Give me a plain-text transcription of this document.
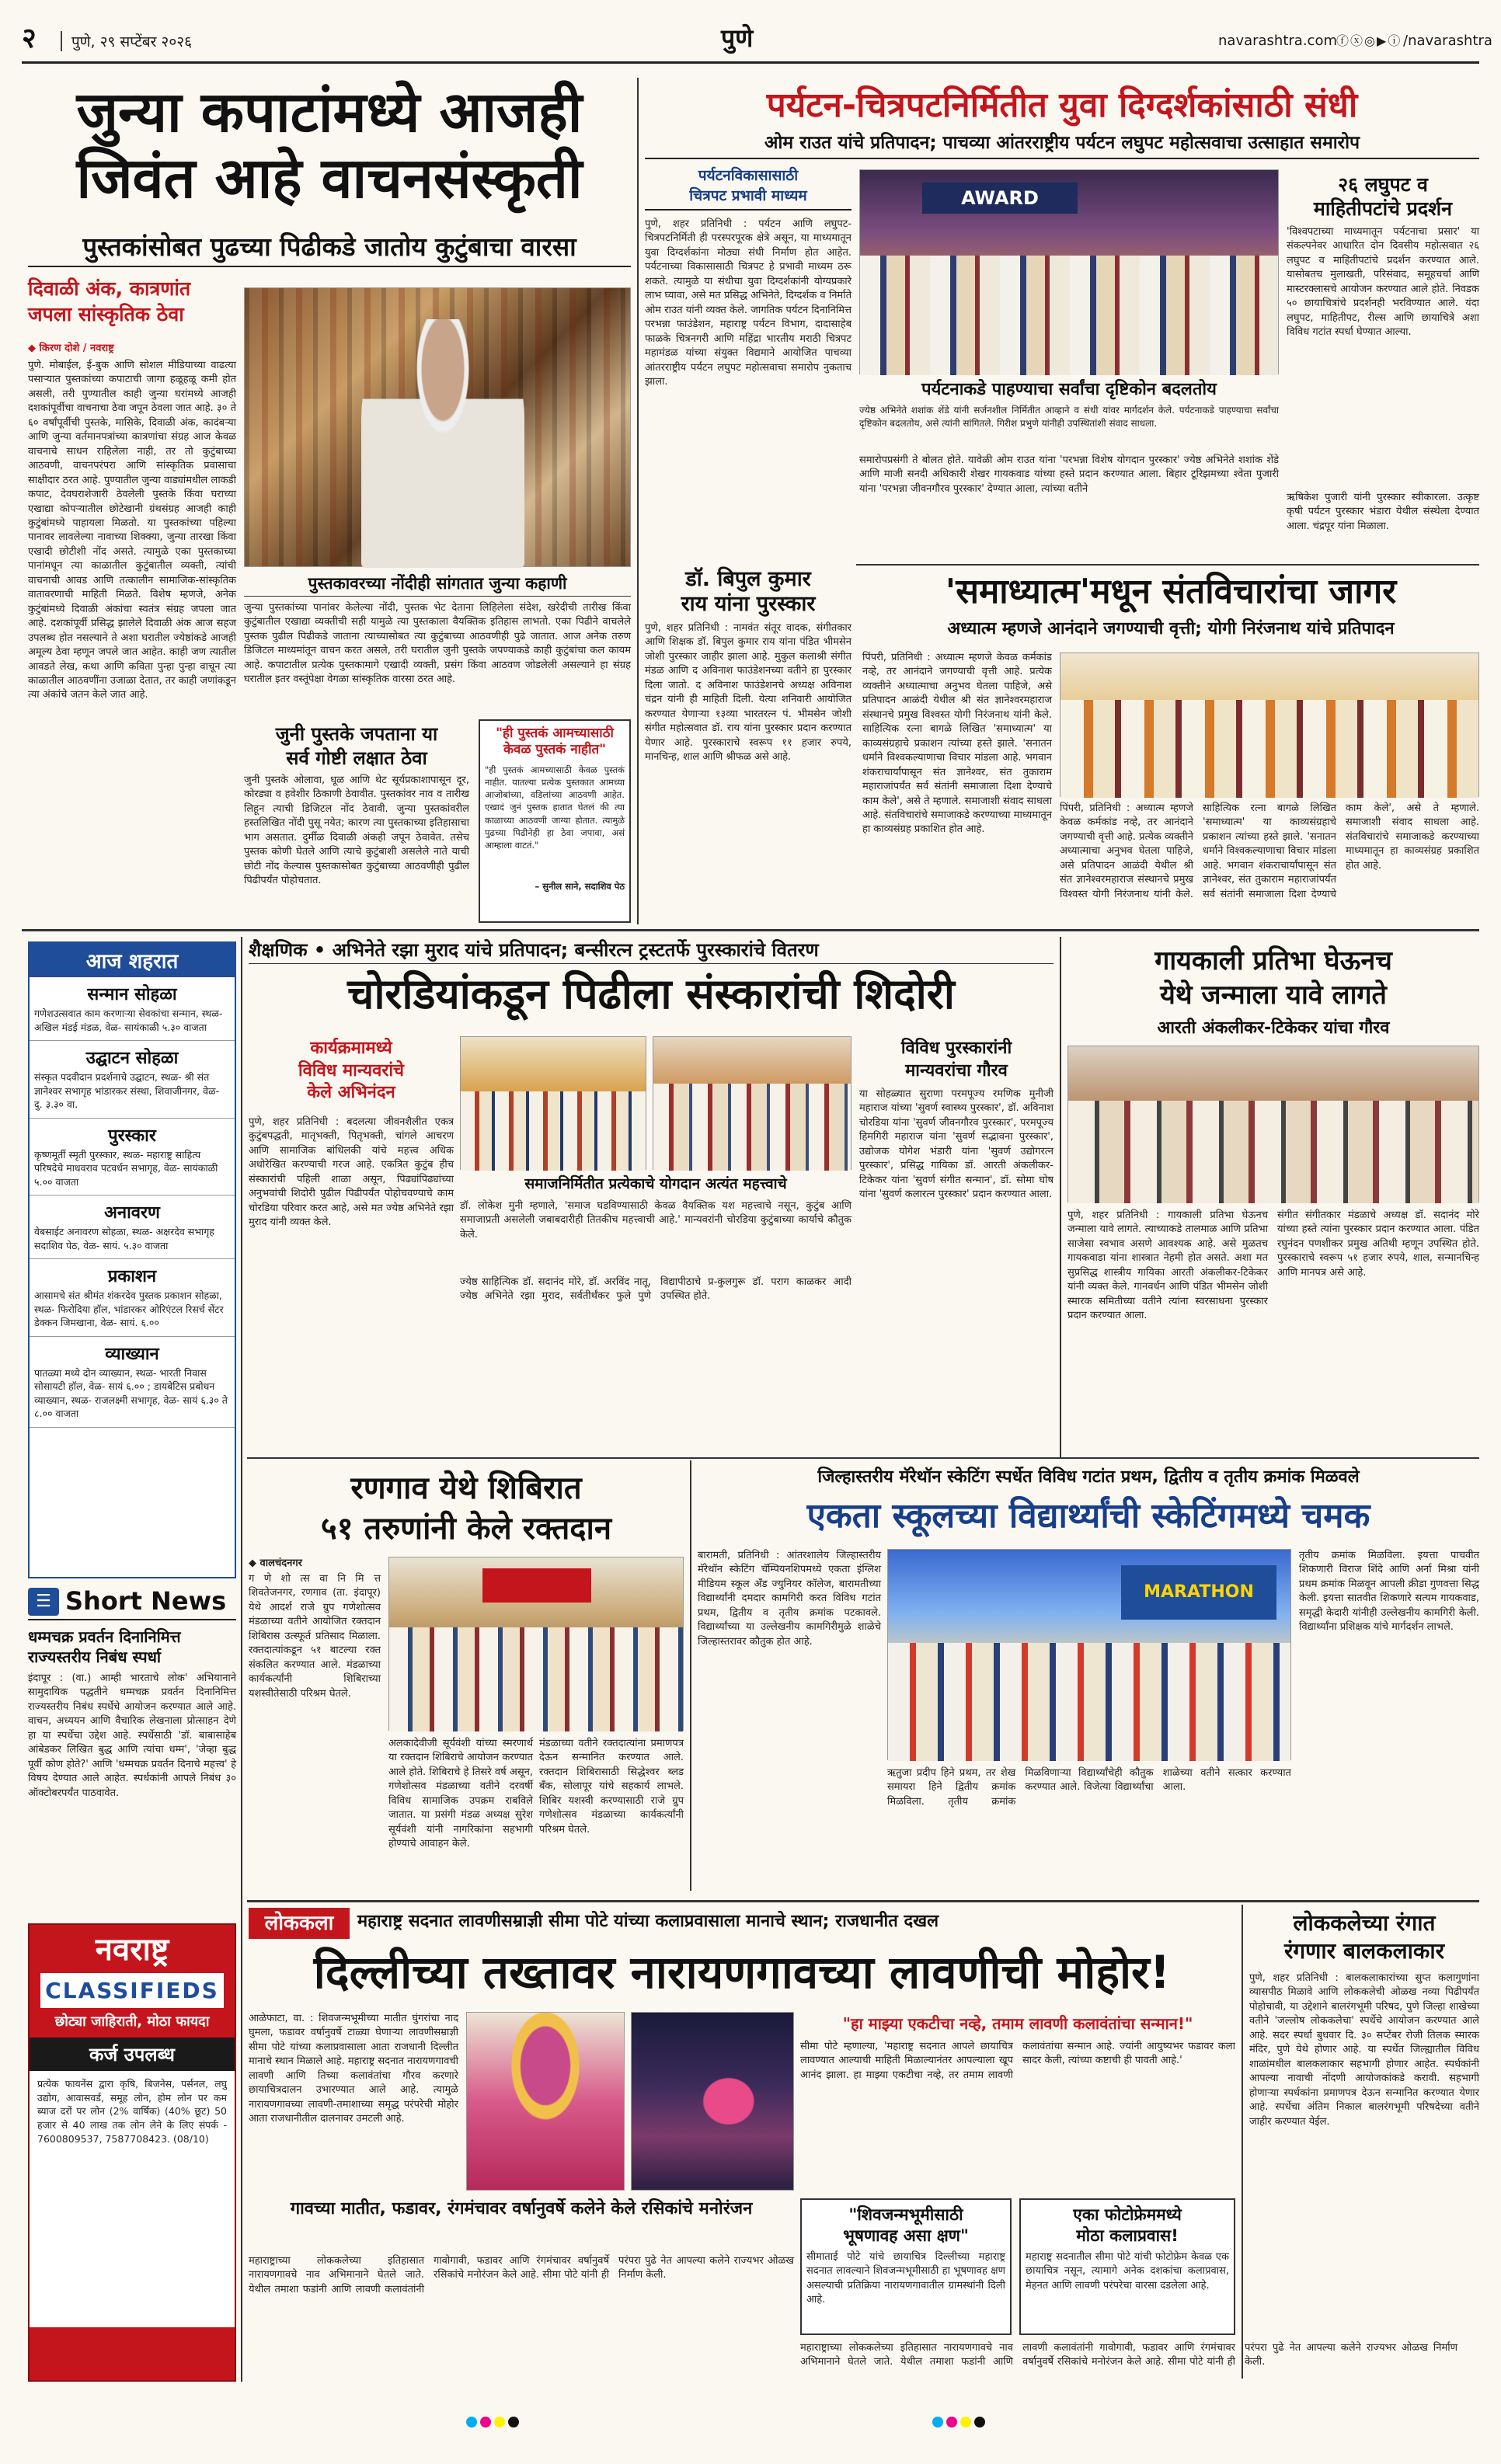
२	पुणे, २९ सप्टेंबर २०२६	पुणे	navarashtra.com ⓕⓧ◎▶ⓘ /navarashtra
जुन्या कपाटांमध्ये आजही
जिवंत आहे वाचनसंस्कृती
पुस्तकांसोबत पुढच्या पिढीकडे जातोय कुटुंबाचा वारसा
दिवाळी अंक, कात्रणांत
जपला सांस्कृतिक ठेवा
◆ किरण दोशे / नवराष्ट्र
पुणे. मोबाईल, ई-बुक आणि सोशल मीडियाच्या वाढत्या पसाऱ्यात पुस्तकांच्या कपाटाची जागा हळूहळू कमी होत असली, तरी पुण्यातील काही जुन्या घरांमध्ये आजही दशकांपूर्वीचा वाचनाचा ठेवा जपून ठेवला जात आहे. ३० ते ६० वर्षांपूर्वीची पुस्तके, मासिके, दिवाळी अंक, कादंबऱ्या आणि जुन्या वर्तमानपत्रांच्या कात्रणांचा संग्रह आज केवळ वाचनाचे साधन राहिलेला नाही, तर तो कुटुंबाच्या आठवणी, वाचनपरंपरा आणि सांस्कृतिक प्रवासाचा साक्षीदार ठरत आहे. पुण्यातील जुन्या वाड्यांमधील लाकडी कपाट, देवघराशेजारी ठेवलेली पुस्तके किंवा घराच्या एखाद्या कोपऱ्यातील छोटेखानी ग्रंथसंग्रह आजही काही कुटुंबांमध्ये पाहायला मिळतो. या पुस्तकांच्या पहिल्या पानावर लावलेल्या नावाच्या शिक्क्या, जुन्या तारखा किंवा एखादी छोटीशी नोंद असते. त्यामुळे एका पुस्तकाच्या पानांमधून त्या काळातील कुटुंबातील व्यक्ती, त्यांची वाचनाची आवड आणि तत्कालीन सामाजिक-सांस्कृतिक वातावरणाची माहिती मिळते. विशेष म्हणजे, अनेक कुटुंबांमध्ये दिवाळी अंकांचा स्वतंत्र संग्रह जपला जात आहे. दशकांपूर्वी प्रसिद्ध झालेले दिवाळी अंक आज सहज उपलब्ध होत नसल्याने ते अशा घरातील ज्येष्ठांकडे आजही अमूल्य ठेवा म्हणून जपले जात आहेत. काही जण त्यातील आवडते लेख, कथा आणि कविता पुन्हा पुन्हा वाचून त्या काळातील आठवणींना उजाळा देतात, तर काही जणांकडून त्या अंकांचे जतन केले जात आहे.
पुस्तकावरच्या नोंदीही सांगतात जुन्या कहाणी
जुन्या पुस्तकांच्या पानांवर केलेल्या नोंदी, पुस्तक भेट देताना लिहिलेला संदेश, खरेदीची तारीख किंवा कुटुंबातील एखाद्या व्यक्तीची सही यामुळे त्या पुस्तकाला वैयक्तिक इतिहास लाभतो. एका पिढीने वाचलेले पुस्तक पुढील पिढीकडे जाताना त्याच्यासोबत त्या कुटुंबाच्या आठवणीही पुढे जातात. आज अनेक तरुण डिजिटल माध्यमांतून वाचन करत असले, तरी घरातील जुनी पुस्तके जपण्याकडे काही कुटुंबांचा कल कायम आहे. कपाटातील प्रत्येक पुस्तकामागे एखादी व्यक्ती, प्रसंग किंवा आठवण जोडलेली असल्याने हा संग्रह घरातील इतर वस्तूंपेक्षा वेगळा सांस्कृतिक वारसा ठरत आहे.
जुनी पुस्तके जपताना या
सर्व गोष्टी लक्षात ठेवा
जुनी पुस्तके ओलावा, धूळ आणि थेट सूर्यप्रकाशापासून दूर, कोरड्या व हवेशीर ठिकाणी ठेवावीत. पुस्तकांवर नाव व तारीख लिहून त्याची डिजिटल नोंद ठेवावी. जुन्या पुस्तकांवरील हस्तलिखित नोंदी पुसू नयेत; कारण त्या पुस्तकाच्या इतिहासाचा भाग असतात. दुर्मीळ दिवाळी अंकही जपून ठेवावेत. तसेच पुस्तक कोणी घेतले आणि त्याचे कुटुंबाशी असलेले नाते याची छोटी नोंद केल्यास पुस्तकासोबत कुटुंबाच्या आठवणीही पुढील पिढीपर्यंत पोहोचतात.
"ही पुस्तकं आमच्यासाठी केवळ पुस्तकं नाहीत"
"ही पुस्तकं आमच्यासाठी केवळ पुस्तकं नाहीत. यातल्या प्रत्येक पुस्तकात आमच्या आजोबांच्या, वडिलांच्या आठवणी आहेत. एखादं जुनं पुस्तक हातात घेतलं की त्या काळाच्या आठवणी जाग्या होतात. त्यामुळे पुढच्या पिढीनेही हा ठेवा जपावा, असं आम्हाला वाटतं."
– सुनील साने, सदाशिव पेठ
पर्यटन-चित्रपटनिर्मितीत युवा दिग्दर्शकांसाठी संधी
ओम राउत यांचे प्रतिपादन; पाचव्या आंतरराष्ट्रीय पर्यटन लघुपट महोत्सवाचा उत्साहात समारोप
पर्यटनविकासासाठी
चित्रपट प्रभावी माध्यम
पुणे, शहर प्रतिनिधी : पर्यटन आणि लघुपट-चित्रपटनिर्मिती ही परस्परपूरक क्षेत्रे असून, या माध्यमातून युवा दिग्दर्शकांना मोठ्या संधी निर्माण होत आहेत. पर्यटनाच्या विकासासाठी चित्रपट हे प्रभावी माध्यम ठरू शकते. त्यामुळे या संधीचा युवा दिग्दर्शकांनी योग्यप्रकारे लाभ घ्यावा, असे मत प्रसिद्ध अभिनेते, दिग्दर्शक व निर्माते ओम राउत यांनी व्यक्त केले. जागतिक पर्यटन दिनानिमित्त परभन्ना फाउंडेशन, महाराष्ट्र पर्यटन विभाग, दादासाहेब फाळके चित्रनगरी आणि महिंद्रा भारतीय मराठी चित्रपट महामंडळ यांच्या संयुक्त विद्यमाने आयोजित पाचव्या आंतरराष्ट्रीय पर्यटन लघुपट महोत्सवाचा समारोप नुकताच झाला.
AWARD
पर्यटनाकडे पाहण्याचा सर्वांचा दृष्टिकोन बदलतोय
ज्येष्ठ अभिनेते शशांक शेंडे यांनी सर्जनशील निर्मितीत आव्हाने व संधी यांवर मार्गदर्शन केले. पर्यटनाकडे पाहण्याचा सर्वांचा दृष्टिकोन बदलतोय, असे त्यांनी सांगितले. गिरीश प्रभुणे यांनीही उपस्थितांशी संवाद साधला.
समारोपप्रसंगी ते बोलत होते. यावेळी ओम राउत यांना 'परभन्ना विशेष योगदान पुरस्कार' ज्येष्ठ अभिनेते शशांक शेंडे आणि माजी सनदी अधिकारी शेखर गायकवाड यांच्या हस्ते प्रदान करण्यात आला. बिहार टूरिझमच्या श्वेता पुजारी यांना 'परभन्ना जीवनगौरव पुरस्कार' देण्यात आला, त्यांच्या वतीने
२६ लघुपट व
माहितीपटांचे प्रदर्शन
'विश्वपटाच्या माध्यमातून पर्यटनाचा प्रसार' या संकल्पनेवर आधारित दोन दिवसीय महोत्सवात २६ लघुपट व माहितीपटांचे प्रदर्शन करण्यात आले. यासोबतच मुलाखती, परिसंवाद, समूहचर्चा आणि मास्टरक्लासचे आयोजन करण्यात आले होते. निवडक ५० छायाचित्रांचे प्रदर्शनही भरविण्यात आले. यंदा लघुपट, माहितीपट, रील्स आणि छायाचित्रे अशा विविध गटांत स्पर्धा घेण्यात आल्या.
ऋषिकेश पुजारी यांनी पुरस्कार स्वीकारला. उत्कृष्ट कृषी पर्यटन पुरस्कार भंडारा येथील संस्थेला देण्यात आला. चंद्रपूर यांना मिळाला.
डॉ. बिपुल कुमार
राय यांना पुरस्कार
पुणे, शहर प्रतिनिधी : नामवंत संतूर वादक, संगीतकार आणि शिक्षक डॉ. बिपुल कुमार राय यांना पंडित भीमसेन जोशी पुरस्कार जाहीर झाला आहे. मुकुल कलाश्री संगीत मंडळ आणि द अविनाश फाउंडेशनच्या वतीने हा पुरस्कार दिला जातो. द अविनाश फाउंडेशनचे अध्यक्ष अविनाश चंद्रन यांनी ही माहिती दिली. येत्या शनिवारी आयोजित करण्यात येणाऱ्या १३व्या भारतरत्न पं. भीमसेन जोशी संगीत महोत्सवात डॉ. राय यांना पुरस्कार प्रदान करण्यात येणार आहे. पुरस्काराचे स्वरूप ११ हजार रुपये, मानचिन्ह, शाल आणि श्रीफळ असे आहे.
'समाध्यात्म'मधून संतविचारांचा जागर
अध्यात्म म्हणजे आनंदाने जगण्याची वृत्ती; योगी निरंजनाथ यांचे प्रतिपादन
पिंपरी, प्रतिनिधी : अध्यात्म म्हणजे केवळ कर्मकांड नव्हे, तर आनंदाने जगण्याची वृत्ती आहे. प्रत्येक व्यक्तीने अध्यात्माचा अनुभव घेतला पाहिजे, असे प्रतिपादन आळंदी येथील श्री संत ज्ञानेश्वरमहाराज संस्थानचे प्रमुख विश्वस्त योगी निरंजनाथ यांनी केले. साहित्यिक रत्ना बागळे लिखित 'समाध्यात्म' या काव्यसंग्रहाचे प्रकाशन त्यांच्या हस्ते झाले. 'सनातन धर्माने विश्वकल्याणाचा विचार मांडला आहे. भगवान शंकराचार्यांपासून संत ज्ञानेश्वर, संत तुकाराम महाराजांपर्यंत सर्व संतांनी समाजाला दिशा देण्याचे काम केले', असे ते म्हणाले. समाजाशी संवाद साधला आहे. संतविचारांचे समाजाकडे करण्याच्या माध्यमातून हा काव्यसंग्रह प्रकाशित होत आहे.
पिंपरी, प्रतिनिधी : अध्यात्म म्हणजे केवळ कर्मकांड नव्हे, तर आनंदाने जगण्याची वृत्ती आहे. प्रत्येक व्यक्तीने अध्यात्माचा अनुभव घेतला पाहिजे, असे प्रतिपादन आळंदी येथील श्री संत ज्ञानेश्वरमहाराज संस्थानचे प्रमुख विश्वस्त योगी निरंजनाथ यांनी केले. साहित्यिक रत्ना बागळे लिखित 'समाध्यात्म' या काव्यसंग्रहाचे प्रकाशन त्यांच्या हस्ते झाले. 'सनातन धर्माने विश्वकल्याणाचा विचार मांडला आहे. भगवान शंकराचार्यांपासून संत ज्ञानेश्वर, संत तुकाराम महाराजांपर्यंत सर्व संतांनी समाजाला दिशा देण्याचे काम केले', असे ते म्हणाले. समाजाशी संवाद साधला आहे. संतविचारांचे समाजाकडे करण्याच्या माध्यमातून हा काव्यसंग्रह प्रकाशित होत आहे.
आज शहरात
सन्मान सोहळा
गणेशउत्सवात काम करणाऱ्या सेवकांचा सन्मान, स्थळ- अखिल मंडई मंडळ, वेळ- सायंकाळी ५.३० वाजता
उद्घाटन सोहळा
संस्कृत पदवीदान प्रदर्शनाचे उद्घाटन, स्थळ- श्री संत ज्ञानेश्वर सभागृह भांडारकर संस्था, शिवाजीनगर, वेळ- दु. ३.३० वा.
पुरस्कार
कृष्णमूर्ती स्मृती पुरस्कार, स्थळ- महाराष्ट्र साहित्य परिषदेचे माधवराव पटवर्धन सभागृह, वेळ- सायंकाळी ५.०० वाजता
अनावरण
वेबसाईट अनावरण सोहळा, स्थळ- अक्षरदेव सभागृह सदाशिव पेठ, वेळ- सायं. ५.३० वाजता
प्रकाशन
आसामचे संत श्रीमंत शंकरदेव पुस्तक प्रकाशन सोहळा, स्थळ- फिरोदिया हॉल, भांडारकर ओरिएंटल रिसर्च सेंटर डेक्कन जिमखाना, वेळ- सायं. ६.००
व्याख्यान
पातळ्या मध्ये दोन व्याख्यान, स्थळ- भारती निवास सोसायटी हॉल, वेळ- सायं ६.०० ; डायबेटिस प्रबोधन व्याख्यान, स्थळ- राजलक्ष्मी सभागृह, वेळ- सायं ६.३० ते ८.०० वाजता
☰ Short News
धम्मचक्र प्रवर्तन दिनानिमित्त
राज्यस्तरीय निबंध स्पर्धा
इंदापूर : (वा.) आम्ही भारताचे लोक' अभियानाने सामुदायिक पद्धतीने धम्मचक्र प्रवर्तन दिनानिमित्त राज्यस्तरीय निबंध स्पर्धेचे आयोजन करण्यात आले आहे. वाचन, अध्ययन आणि वैचारिक लेखनाला प्रोत्साहन देणे हा या स्पर्धेचा उद्देश आहे. स्पर्धेसाठी 'डॉ. बाबासाहेब आंबेडकर लिखित बुद्ध आणि त्यांचा धम्म', 'जेव्हा बुद्ध पूर्वी कोण होते?' आणि 'धम्मचक्र प्रवर्तन दिनाचे महत्त्व' हे विषय देण्यात आले आहेत. स्पर्धकांनी आपले निबंध ३० ऑक्टोबरपर्यंत पाठवावेत.
नवराष्ट्र
CLASSIFIEDS
छोट्या जाहिराती, मोठा फायदा
कर्ज उपलब्ध
प्रत्येक फायनेंस द्वारा कृषि, बिजनेस, पर्सनल, लघु उद्योग, आवासवर्ड, समूह लोन, होम लोन पर कम ब्याज दरों पर लोन (2% वार्षिक) (40% छूट) 50 हजार से 40 लाख तक लोन लेने के लिए संपर्क - 7600809537, 7587708423. (08/10)
शैक्षणिक • अभिनेते रझा मुराद यांचे प्रतिपादन; बन्सीरत्न ट्रस्टतर्फे पुरस्कारांचे वितरण
चोरडियांकडून पिढीला संस्कारांची शिदोरी
कार्यक्रमामध्ये
विविध मान्यवरांचे
केले अभिनंदन
पुणे, शहर प्रतिनिधी : बदलत्या जीवनशैलीत एकत्र कुटुंबपद्धती, मातृभक्ती, पितृभक्ती, चांगले आचरण आणि सामाजिक बांधिलकी यांचे महत्त्व अधिक अधोरेखित करण्याची गरज आहे. एकत्रित कुटुंब हीच संस्कारांची पहिली शाळा असून, पिढ्यांपिढ्यांच्या अनुभवांची शिदोरी पुढील पिढीपर्यंत पोहोचवण्याचे काम चोरडिया परिवार करत आहे, असे मत ज्येष्ठ अभिनेते रझा मुराद यांनी व्यक्त केले.
समाजनिर्मितीत प्रत्येकाचे योगदान अत्यंत महत्त्वाचे
डॉ. लोकेश मुनी म्हणाले, 'समाज घडविण्यासाठी केवळ वैयक्तिक यश महत्त्वाचे नसून, कुटुंब आणि समाजाप्रती असलेली जबाबदारीही तितकीच महत्त्वाची आहे.' मान्यवरांनी चोरडिया कुटुंबाच्या कार्याचे कौतुक केले.
ज्येष्ठ साहित्यिक डॉ. सदानंद मोरे, डॉ. अरविंद नातू, ज्येष्ठ अभिनेते रझा मुराद, सर्वतीर्थंकर फुले पुणे विद्यापीठाचे प्र-कुलगुरू डॉ. पराग काळकर आदी उपस्थित होते.
विविध पुरस्कारांनी
मान्यवरांचा गौरव
या सोहळ्यात सुराणा परमपूज्य रमणिक मुनीजी महाराज यांच्या 'सुवर्ण स्वास्थ्य पुरस्कार', डॉ. अविनाश चोरडिया यांना 'सुवर्ण जीवनगौरव पुरस्कार', परमपूज्य हिमगिरी महाराज यांना 'सुवर्ण सद्भावना पुरस्कार', उद्योजक योगेश भंडारी यांना 'सुवर्ण उद्योगरत्न पुरस्कार', प्रसिद्ध गायिका डॉ. आरती अंकलीकर-टिकेकर यांना 'सुवर्ण संगीत सन्मान', डॉ. सोमा घोष यांना 'सुवर्ण कलारत्न पुरस्कार' प्रदान करण्यात आला.
गायकाली प्रतिभा घेऊनच
येथे जन्माला यावे लागते
आरती अंकलीकर-टिकेकर यांचा गौरव
पुणे, शहर प्रतिनिधी : गायकाली प्रतिभा घेऊनच जन्माला यावे लागते. त्याच्याकडे तालमाळ आणि प्रतिभा साजेसा स्वभाव असणे आवश्यक आहे. असे मुळतच गायकवाडा यांना शास्त्रात नेहमी होत असते. अशा मत सुप्रसिद्ध शास्त्रीय गायिका आरती अंकलीकर-टिकेकर यांनी व्यक्त केले. गानवर्धन आणि पंडित भीमसेन जोशी स्मारक समितीच्या वतीने त्यांना स्वरसाधना पुरस्कार प्रदान करण्यात आला.
संगीत संगीतकार मंडळाचे अध्यक्ष डॉ. सदानंद मोरे यांच्या हस्ते त्यांना पुरस्कार प्रदान करण्यात आला. पंडित रघुनंदन पणशीकर प्रमुख अतिथी म्हणून उपस्थित होते. पुरस्काराचे स्वरूप ५१ हजार रुपये, शाल, सन्मानचिन्ह आणि मानपत्र असे आहे.
रणगाव येथे शिबिरात
५१ तरुणांनी केले रक्तदान
◆ वालचंदनगर
ग णे शो त्स वा नि मि त्त शिवतेजनगर, रणगाव (ता. इंदापूर) येथे आदर्श राजे ग्रुप गणेशोत्सव मंडळाच्या वतीने आयोजित रक्तदान शिबिरास उत्स्फूर्त प्रतिसाद मिळाला. रक्तदात्यांकडून ५१ बाटल्या रक्त संकलित करण्यात आले. मंडळाच्या कार्यकर्त्यांनी शिबिराच्या यशस्वीतेसाठी परिश्रम घेतले.
अलकादेवीजी सूर्यवंशी यांच्या स्मरणार्थ या रक्तदान शिबिराचे आयोजन करण्यात आले होते. शिबिराचे हे तिसरे वर्ष असून, गणेशोत्सव मंडळाच्या वतीने दरवर्षी विविध सामाजिक उपक्रम राबविले जातात. या प्रसंगी मंडळ अध्यक्ष सुरेश सूर्यवंशी यांनी नागरिकांना सहभागी होण्याचे आवाहन केले.
मंडळाच्या वतीने रक्तदात्यांना प्रमाणपत्र देऊन सन्मानित करण्यात आले. रक्तदान शिबिरासाठी सिद्धेश्वर ब्लड बँक, सोलापूर यांचे सहकार्य लाभले. शिबिर यशस्वी करण्यासाठी राजे ग्रुप गणेशोत्सव मंडळाच्या कार्यकर्त्यांनी परिश्रम घेतले.
जिल्हास्तरीय मॅरेथॉन स्केटिंग स्पर्धेत विविध गटांत प्रथम, द्वितीय व तृतीय क्रमांक मिळवले
एकता स्कूलच्या विद्यार्थ्यांची स्केटिंगमध्ये चमक
बारामती, प्रतिनिधी : आंतरशालेय जिल्हास्तरीय मॅरेथॉन स्केटिंग चॅम्पियनशिपमध्ये एकता इंग्लिश मीडियम स्कूल अँड ज्युनियर कॉलेज, बारामतीच्या विद्यार्थ्यांनी दमदार कामगिरी करत विविध गटांत प्रथम, द्वितीय व तृतीय क्रमांक पटकावले. विद्यार्थ्यांच्या या उल्लेखनीय कामगिरीमुळे शाळेचे जिल्हास्तरावर कौतुक होत आहे.
MARATHON
ऋतुजा प्रदीप हिने प्रथम, तर शेख समायरा हिने द्वितीय क्रमांक मिळविला. तृतीय क्रमांक मिळविणाऱ्या विद्यार्थ्यांचेही कौतुक करण्यात आले. विजेत्या विद्यार्थ्यांचा शाळेच्या वतीने सत्कार करण्यात आला.
तृतीय क्रमांक मिळविला. इयत्ता पाचवीत शिकणारी विराज शिंदे आणि अर्ना मिश्रा यांनी प्रथम क्रमांक मिळवून आपली क्रीडा गुणवत्ता सिद्ध केली. इयत्ता सातवीत शिकणारे सत्यम गायकवाड, समृद्धी केदारी यांनीही उल्लेखनीय कामगिरी केली. विद्यार्थ्यांना प्रशिक्षक यांचे मार्गदर्शन लाभले.
लोककला	महाराष्ट्र सदनात लावणीसम्राज्ञी सीमा पोटे यांच्या कलाप्रवासाला मानाचे स्थान; राजधानीत दखल
दिल्लीच्या तख्तावर नारायणगावच्या लावणीची मोहोर!
आळेफाटा, वा. : शिवजन्मभूमीच्या मातीत घुंगरांचा नाद घुमला, फडावर वर्षानुवर्षे टाळ्या घेणाऱ्या लावणीसम्राज्ञी सीमा पोटे यांच्या कलाप्रवासाला आता राजधानी दिल्लीत मानाचे स्थान मिळाले आहे. महाराष्ट्र सदनात नारायणगावची लावणी आणि तिच्या कलावंतांचा गौरव करणारे छायाचित्रदालन उभारण्यात आले आहे. त्यामुळे नारायणगावच्या लावणी-तमाशाच्या समृद्ध परंपरेची मोहोर आता राजधानीतील दालनावर उमटली आहे.
"हा माझ्या एकटीचा नव्हे, तमाम लावणी कलावंतांचा सन्मान!"
सीमा पोटे म्हणाल्या, 'महाराष्ट्र सदनात आपले छायाचित्र लावण्यात आल्याची माहिती मिळाल्यानंतर आपल्याला खूप आनंद झाला. हा माझ्या एकटीचा नव्हे, तर तमाम लावणी कलावंतांचा सन्मान आहे. ज्यांनी आयुष्यभर फडावर कला सादर केली, त्यांच्या कष्टाची ही पावती आहे.'
"शिवजन्मभूमीसाठी
भूषणावह असा क्षण"
सीमाताई पोटे यांचे छायाचित्र दिल्लीच्या महाराष्ट्र सदनात लावल्याने शिवजन्मभूमीसाठी हा भूषणावह क्षण असल्याची प्रतिक्रिया नारायणगावातील ग्रामस्थांनी दिली आहे.
एका फोटोफ्रेममध्ये
मोठा कलाप्रवास!
महाराष्ट्र सदनातील सीमा पोटे यांची फोटोफ्रेम केवळ एक छायाचित्र नसून, त्यामागे अनेक दशकांचा कलाप्रवास, मेहनत आणि लावणी परंपरेचा वारसा दडलेला आहे.
गावच्या मातीत, फडावर, रंगमंचावर वर्षानुवर्षे कलेने केले रसिकांचे मनोरंजन
महाराष्ट्राच्या लोककलेच्या इतिहासात नारायणगावचे नाव अभिमानाने घेतले जाते. येथील तमाशा फडांनी आणि लावणी कलावंतांनी गावोगावी, फडावर आणि रंगमंचावर वर्षानुवर्षे रसिकांचे मनोरंजन केले आहे. सीमा पोटे यांनी ही परंपरा पुढे नेत आपल्या कलेने राज्यभर ओळख निर्माण केली.
महाराष्ट्राच्या लोककलेच्या इतिहासात नारायणगावचे नाव अभिमानाने घेतले जाते. येथील तमाशा फडांनी आणि लावणी कलावंतांनी गावोगावी, फडावर आणि रंगमंचावर वर्षानुवर्षे रसिकांचे मनोरंजन केले आहे. सीमा पोटे यांनी ही परंपरा पुढे नेत आपल्या कलेने राज्यभर ओळख निर्माण केली.
लोककलेच्या रंगात
रंगणार बालकलाकार
पुणे, शहर प्रतिनिधी : बालकलाकारांच्या सुप्त कलागुणांना व्यासपीठ मिळावे आणि लोककलेची ओळख नव्या पिढीपर्यंत पोहोचावी, या उद्देशाने बालरंगभूमी परिषद, पुणे जिल्हा शाखेच्या वतीने 'जल्लोष लोककलेचा' स्पर्धेचे आयोजन करण्यात आले आहे. सदर स्पर्धा बुधवार दि. ३० सप्टेंबर रोजी तिलक स्मारक मंदिर, पुणे येथे होणार आहे. या स्पर्धेत जिल्ह्यातील विविध शाळांमधील बालकलाकार सहभागी होणार आहेत. स्पर्धकांनी आपल्या नावाची नोंदणी आयोजकांकडे करावी. सहभागी होणाऱ्या स्पर्धकांना प्रमाणपत्र देऊन सन्मानित करण्यात येणार आहे. स्पर्धेचा अंतिम निकाल बालरंगभूमी परिषदेच्या वतीने जाहीर करण्यात येईल.
